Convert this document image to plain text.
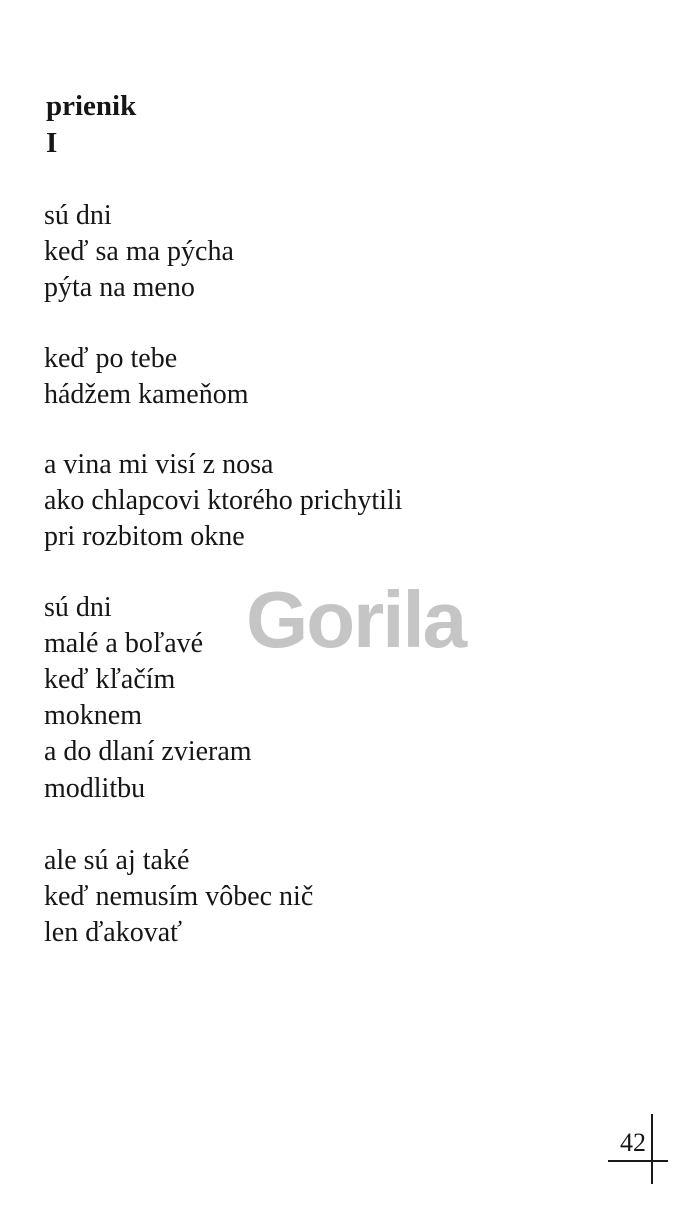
prienik
I

sú dni
keď sa ma pýcha
pýta na meno

keď po tebe
hádžem kameňom

a vina mi visí z nosa
ako chlapcovi ktorého prichytili
pri rozbitom okne

sú dni
malé a boľavé
keď kľačím
moknem
a do dlaní zvieram
modlitbu

ale sú aj také
keď nemusím vôbec nič
len ďakovať

Gorila
42
